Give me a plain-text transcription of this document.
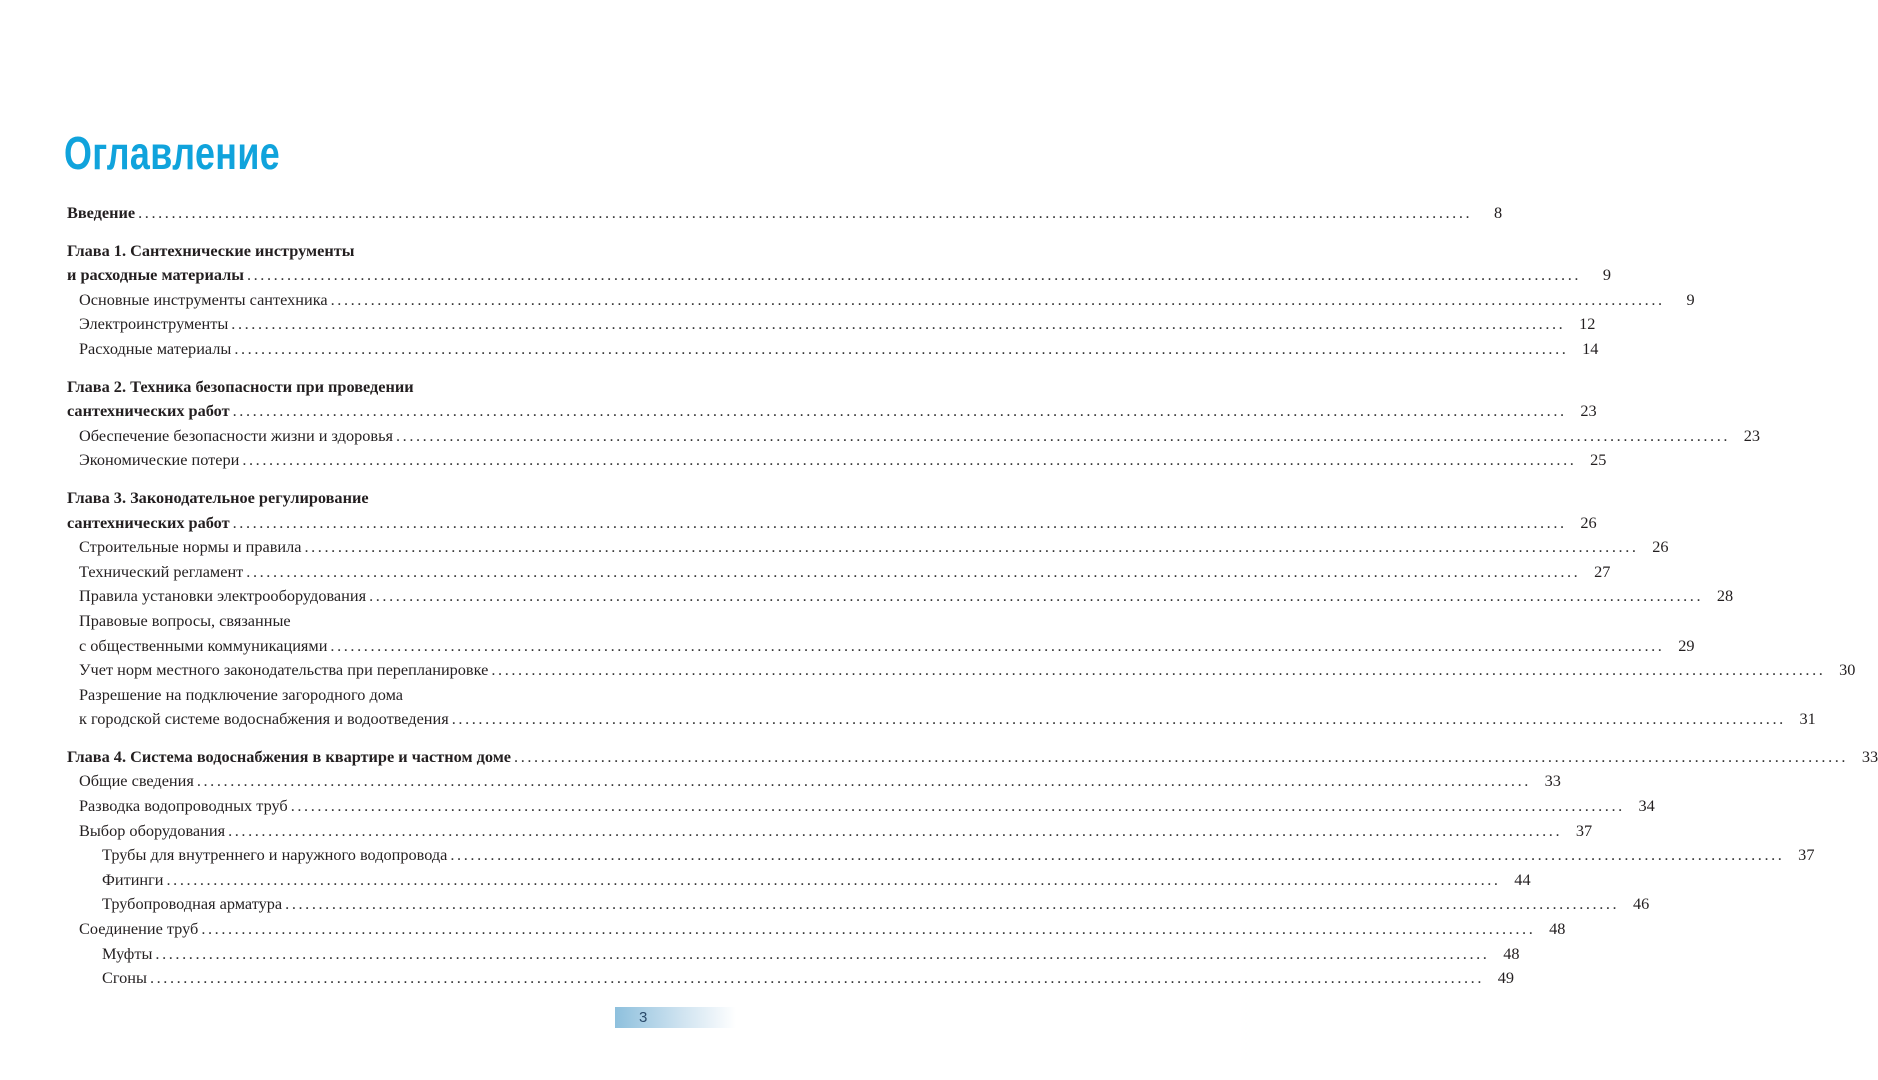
Оглавление
Введение ........................................................................................................................................................................................................	8
Глава 1. Сантехнические инструменты
и расходные материалы ........................................................................................................................................................................................................	9
Основные инструменты сантехника ........................................................................................................................................................................................................	9
Электроинструменты ........................................................................................................................................................................................................ 12
Расходные материалы ........................................................................................................................................................................................................ 14
Глава 2. Техника безопасности при проведении
сантехнических работ ........................................................................................................................................................................................................ 23
Обеспечение безопасности жизни и здоровья ........................................................................................................................................................................................................ 23
Экономические потери ........................................................................................................................................................................................................ 25
Глава 3. Законодательное регулирование
сантехнических работ ........................................................................................................................................................................................................ 26
Строительные нормы и правила ........................................................................................................................................................................................................ 26
Технический регламент ........................................................................................................................................................................................................ 27
Правила установки электрооборудования ........................................................................................................................................................................................................ 28
Правовые вопросы, связанные
с общественными коммуникациями ........................................................................................................................................................................................................ 29
Учет норм местного законодательства при перепланировке ........................................................................................................................................................................................................ 30
Разрешение на подключение загородного дома
к городской системе водоснабжения и водоотведения ........................................................................................................................................................................................................ 31
Глава 4. Система водоснабжения в квартире и частном доме ........................................................................................................................................................................................................ 33
Общие сведения ........................................................................................................................................................................................................ 33
Разводка водопроводных труб ........................................................................................................................................................................................................ 34
Выбор оборудования ........................................................................................................................................................................................................ 37
Трубы для внутреннего и наружного водопровода ........................................................................................................................................................................................................ 37
Фитинги ........................................................................................................................................................................................................ 44
Трубопроводная арматура ........................................................................................................................................................................................................ 46
Соединение труб ........................................................................................................................................................................................................ 48
Муфты ........................................................................................................................................................................................................ 48
Сгоны ........................................................................................................................................................................................................ 49
3
